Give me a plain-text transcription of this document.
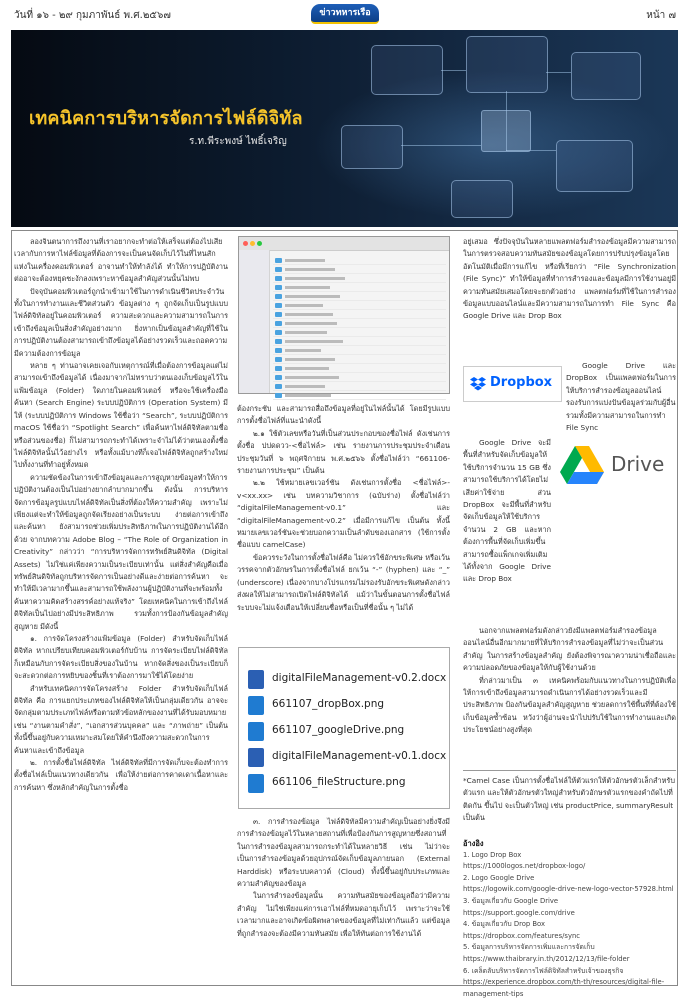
วันที่ ๑๖ - ๒๙ กุมภาพันธ์ พ.ศ.๒๕๖๗	ข่าวทหารเรือ	หน้า ๗
เทคนิคการบริหารจัดการไฟล์ดิจิทัล
ร.ท.พีระพงษ์ ไพธิ์เจริญ

ลองจินตนาการถึงงานที่เราอยากจะทำต่อให้เสร็จแต่ต้องไปเสียเวลากับการหาไฟล์ข้อมูลที่ต้องการจะเป็นคนจัดเก็บไว้ในที่ไหนสักแห่งในเครื่องคอมพิวเตอร์ อาจานทำให้ทำลังได้ ทำให้การปฏิบัติงานต่ออาจะต้องหยุดชะงักลงเพราะหาข้อมูลสำคัญส่วนนั้นไม่พบ

ปัจจุบันคอมพิวเตอร์ถูกนำเข้ามาใช้ในการดำเนินชีวิตประจำวันทั้งในการทำงานและชีวิตส่วนตัว ข้อมูลต่าง ๆ ถูกจัดเก็บเป็นรูปแบบไฟล์ดิจิทัลอยู่ในคอมพิวเตอร์ ความสะดวกและความสามารถในการเข้าถึงข้อมูลเป็นสิ่งสำคัญอย่างมาก ยิ่งหากเป็นข้อมูลสำคัญที่ใช้ในการปฏิบัติงานต้องสามารถเข้าถึงข้อมูลได้อย่างรวดเร็วและถอดความมีความต้องการข้อมูล

หลาย ๆ ท่านอาจเคยเจอกับเหตุการณ์ที่เมื่อต้องการข้อมูลแต่ไม่สามารถเข้าถึงข้อมูลได้ เนื่องมาจากไม่ทราบว่าตนเองเก็บข้อมูลไว้ในแฟ้มข้อมูล (Folder) ใดภายในคอมพิวเตอร์ หรือจะใช้เครื่องมือค้นหา (Search Engine) ระบบปฏิบัติการ (Operation System) มีให้ (ระบบปฏิบัติการ Windows ใช้ชื่อว่า “Search”, ระบบปฏิบัติการ macOS ใช้ชื่อว่า “Spotlight Search” เพื่อค้นหาไฟล์ดิจิทัลตามชื่อหรือส่วนของชื่อ) ก็ไม่สามารถกระทำได้เพราะจำไม่ได้ว่าตนเองตั้งชื่อไฟล์ดิจิทัลนั้นไว้อย่างไร หรือทั้งแม้บางทีก็เจอไฟล์ดิจิทัลถูกสร้างใหม่ไปทั้งงานที่ทำอยู่ทั้งหมด

ความชัดข้องในการเข้าถึงข้อมูลและการสูญหายข้อมูลทำให้การปฏิบัติงานต้องเป็นไปอย่างยากลำบากมากขึ้น ดังนั้น การบริหารจัดการข้อมูลรูปแบบไฟล์ดิจิทัลเป็นสิ่งที่ต้องให้ความสำคัญ เพราะไม่เพียงแต่จะทำให้ข้อมูลถูกจัดเรียงอย่างเป็นระบบ ง่ายต่อการเข้าถึงและค้นหา ยังสามารถช่วยเพิ่มประสิทธิภาพในการปฏิบัติงานได้อีกด้วย จากบทความ Adobe Blog – “The Role of Organization in Creativity” กล่าวว่า “การบริหารจัดการทรัพย์สินดิจิทัล (Digital Assets) ไม่ใช่แค่เพียงความเป็นระเบียบเท่านั้น แต่สิ่งสำคัญคือเมื่อทรัพย์สินดิจิทัลถูกบริหารจัดการเป็นอย่างดีและง่ายต่อการค้นหา จะทำให้มีเวลามากขึ้นและสามารถใช้พลังงานผู้ปฏิบัติงานที่จะพร้อมทั้งค้นหาความคิดสร้างสรรค์อย่างแท้จริง” โดยเทคนิคในการเข้าถึงไฟล์ดิจิทัลเป็นไปอย่างมีประสิทธิภาพ รวมทั้งการป้องกันข้อมูลสำคัญสูญหาย มีดังนี้

๑. การจัดโครงสร้างแฟ้มข้อมูล (Folder) สำหรับจัดเก็บไฟล์ดิจิทัล หากเปรียบเทียบคอมพิวเตอร์กับบ้าน การจัดระเบียบไฟล์ดิจิทัลก็เหมือนกับการจัดระเบียบสิ่งของในบ้าน หากจัดสิ่งของเป็นระเบียบก็จะสะดวกต่อการหยิบของชิ้นที่เราต้องการมาใช้ได้โดยง่าย

สำหรับเทคนิคการจัดโครงสร้าง Folder สำหรับจัดเก็บไฟล์ดิจิทัล คือ การแยกประเภทของไฟล์ดิจิทัลให้เป็นกลุ่มเดียวกัน อาจจะจัดกลุ่มตามประเภทไฟล์หรือตามหัวข้อหลักของงานที่ได้รับมอบหมาย เช่น “งานตามคำสั่ง”, “เอกสารส่วนบุคคล” และ “ภาพถ่าย” เป็นต้น ทั้งนี้ขึ้นอยู่กับความเหมาะสมโดยให้คำนึงถึงความสะดวกในการค้นหาและเข้าถึงข้อมูล

๒. การตั้งชื่อไฟล์ดิจิทัล ไฟล์ดิจิทัลที่มีการจัดเก็บจะต้องทำการตั้งชื่อไฟล์เป็นแนวทางเดียวกัน เพื่อให้ง่ายต่อการคาดเดาเนื้อหาและการค้นหา ซึ่งหลักสำคัญในการตั้งชื่อ

ต้องกระชับ และสามารถสื่อถึงข้อมูลที่อยู่ในไฟล์นั้นได้ โดยมีรูปแบบการตั้งชื่อไฟล์ที่แนะนำดังนี้

๒.๑ ใช้ตัวเลขหรือวันที่เป็นส่วนประกอบของชื่อไฟล์ ดังเช่นการตั้งชื่อ ปปดดวว-<ชื่อไฟล์> เช่น รายงานการประชุมประจำเดือน ประชุมวันที่ ๖ พฤศจิกายน พ.ศ.๒๕๖๖ ตั้งชื่อไฟล์ว่า “661106-รายงานการประชุม” เป็นต้น

๒.๒ ใช้หมายเลขเวอร์ชัน ดังเช่นการตั้งชื่อ <ชื่อไฟล์>-v<xx.xx> เช่น บทความวิชาการ (ฉบับร่าง) ตั้งชื่อไฟล์ว่า “digitalFileManagement-v0.1” และ “digitalFileManagement-v0.2” เมื่อมีการแก้ไข เป็นต้น ทั้งนี้หมายเลขเวอร์ชันจะช่วยบอกความเป็นลำดับของเอกสาร (ใช้การตั้งชื่อแบบ camelCase)

ข้อควรระวังในการตั้งชื่อไฟล์คือ ไม่ควรใช้อักขระพิเศษ หรือเว้นวรรคจากตัวอักษรในการตั้งชื่อไฟล์ ยกเว้น “-” (hyphen) และ “_” (underscore) เนื่องจากบางโปรแกรมไม่รองรับอักขระพิเศษดังกล่าว ส่งผลให้ไม่สามารถเปิดไฟล์ดิจิทัลได้ แม้ว่าในขั้นตอนการตั้งชื่อไฟล์ระบบจะไม่แจ้งเตือนให้เปลี่ยนชื่อหรือเป็นที่ชื่อนั้น ๆ ไม่ได้

digitalFileManagement-v0.2.docx
661107_dropBox.png
661107_googleDrive.png
digitalFileManagement-v0.1.docx
661106_fileStructure.png

๓. การสำรองข้อมูล ไฟล์ดิจิทัลมีความสำคัญเป็นอย่างยิ่งจึงมีการสำรองข้อมูลไว้ในหลายสถานที่เพื่อป้องกันการสูญหายซึ่งสถานที่ในการสำรองข้อมูลสามารถกระทำได้ในหลายวิธี เช่น ไม่ว่าจะเป็นการสำรองข้อมูลด้วยอุปกรณ์จัดเก็บข้อมูลภายนอก (External Harddisk) หรือระบบคลาวด์ (Cloud) ทั้งนี้ขึ้นอยู่กับประเภทและความสำคัญของข้อมูล

ในการสำรองข้อมูลนั้น ความทันสมัยของข้อมูลถือว่ามีความสำคัญ ไม่ใช่เพียงแค่การเอาไฟล์ที่หมดอายุเก็บไว้ เพราะว่าจะใช้เวลามากและอาจเกิดข้อผิดพลาดของข้อมูลที่ไม่เท่ากันแล้ว แต่ข้อมูลที่ถูกสำรองจะต้องมีความทันสมัย เพื่อให้ทันต่อการใช้งานได้

อยู่เสมอ ซึ่งปัจจุบันในหลายแพลตฟอร์มสำรองข้อมูลมีความสามารถในการตรวจสอบความทันสมัยของข้อมูลโดยการปรับปรุงข้อมูลโดยอัตโนมัติเมื่อมีการแก้ไข หรือที่เรียกว่า “File Synchronization (File Sync)” ทำให้ข้อมูลที่ทำการสำรองและข้อมูลมีการใช้งานอยู่มีความทันสมัยเสมอโดยจะยกตัวอย่าง แพลตฟอร์มที่ใช้ในการสำรองข้อมูลแบบออนไลน์และมีความสามารถในการทำ File Sync คือ Google Drive และ Drop Box

Dropbox

Google Drive และ DropBox เป็นแพลตฟอร์มในการให้บริการสำรองข้อมูลออนไลน์ รองรับการแบ่งปันข้อมูลร่วมกับผู้อื่น รวมทั้งมีความสามารถในการทำ File Sync

Drive

Google Drive จะมีพื้นที่สำหรับจัดเก็บข้อมูลให้ใช้บริการจำนวน 15 GB ซึ่งสามารถใช้บริการได้โดยไม่เสียค่าใช้จ่าย ส่วน DropBox จะมีพื้นที่สำหรับจัดเก็บข้อมูลให้ใช้บริการ จำนวน 2 GB และหากต้องการพื้นที่จัดเก็บเพิ่มขึ้นสามารถซื้อแพ็กเกจเพิ่มเติมได้ทั้งจาก Google Drive และ Drop Box

นอกจากแพลตฟอร์มดังกล่าวยังมีแพลตฟอร์มสำรองข้อมูลออนไลน์อื่นอีกมากมายที่ให้บริการสำรองข้อมูลที่ไม่ว่าจะเป็นส่วนสำคัญ ในการสร้างข้อมูลสำคัญ ยังต้องพิจารณาความน่าเชื่อถือและความปลอดภัยของข้อมูลให้กับผู้ใช้งานด้วย

ที่กล่าวมาเป็น ๓ เทคนิคพร้อมกับแนวทางในการปฏิบัติเพื่อให้การเข้าถึงข้อมูลสามารถดำเนินการได้อย่างรวดเร็วและมีประสิทธิภาพ ป้องกันข้อมูลสำคัญสูญหาย ช่วยลดการใช้พื้นที่ที่ต้องใช้เก็บข้อมูลซ้ำซ้อน หวังว่าผู้อ่านจะนำไปปรับใช้ในการทำงานและเกิดประโยชน์อย่างสูงที่สุด

*Camel Case เป็นการตั้งชื่อไฟล์ให้ตัวแรกให้ตัวอักษรตัวเล็กสำหรับตัวแรก และให้ตัวอักษรตัวใหญ่สำหรับตัวอักษรตัวแรกของคำถัดไปที่ติดกัน ขึ้นไป จะเป็นตัวใหญ่ เช่น productPrice, summaryResult เป็นต้น
อ้างอิง
1. Logo Drop Box
https://1000logos.net/dropbox-logo/
2. Logo Google Drive
https://logowik.com/google-drive-new-logo-vector-57928.html
3. ข้อมูลเกี่ยวกับ Google Drive
https://support.google.com/drive
4. ข้อมูลเกี่ยวกับ Drop Box
https://dropbox.com/features/sync
5. ข้อมูลการบริหารจัดการเพิ่มและการจัดเก็บ
https://www.thaibrary.in.th/2012/12/13/file-folder
6. เคล็ดลับบริหารจัดการไฟล์ดิจิทัลสำหรับเจ้าของธุรกิจ
https://experience.dropbox.com/th-th/resources/digital-file-management-tips
